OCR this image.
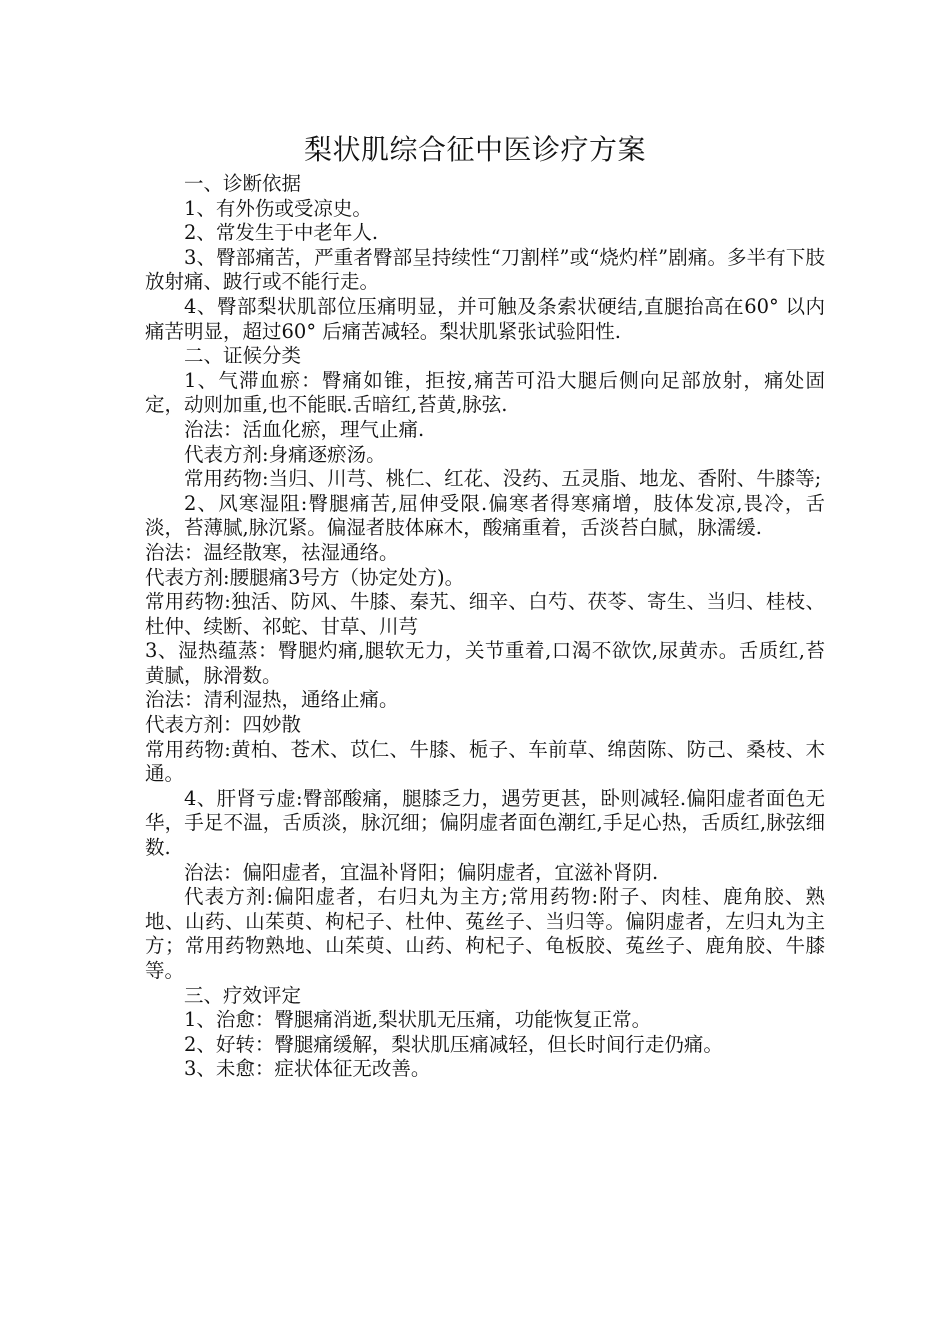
梨状肌综合征中医诊疗方案

一、诊断依据

1、有外伤或受凉史。

2、常发生于中老年人.

3、臀部痛苦，严重者臀部呈持续性“刀割样”或“烧灼样”剧痛。多半有下肢放射痛、跛行或不能行走。

4、臀部梨状肌部位压痛明显，并可触及条索状硬结,直腿抬高在60° 以内痛苦明显，超过60° 后痛苦减轻。梨状肌紧张试验阳性.

二、证候分类

1、气滞血瘀：臀痛如锥，拒按,痛苦可沿大腿后侧向足部放射，痛处固定，动则加重,也不能眠.舌暗红,苔黄,脉弦.

治法：活血化瘀，理气止痛.

代表方剂:身痛逐瘀汤。

常用药物:当归、川芎、桃仁、红花、没药、五灵脂、地龙、香附、牛膝等;

2、风寒湿阻:臀腿痛苦,屈伸受限.偏寒者得寒痛增，肢体发凉,畏冷，舌淡，苔薄腻,脉沉紧。偏湿者肢体麻木，酸痛重着，舌淡苔白腻，脉濡缓.

治法：温经散寒，祛湿通络。

代表方剂:腰腿痛3号方（协定处方)。

常用药物:独活、防风、牛膝、秦艽、细辛、白芍、茯苓、寄生、当归、桂枝、杜仲、续断、祁蛇、甘草、川芎

3、湿热蕴蒸：臀腿灼痛,腿软无力，关节重着,口渴不欲饮,尿黄赤。舌质红,苔黄腻，脉滑数。

治法：清利湿热，通络止痛。

代表方剂：四妙散

常用药物:黄柏、苍术、苡仁、牛膝、栀子、车前草、绵茵陈、防己、桑枝、木通。

4、肝肾亏虚:臀部酸痛，腿膝乏力，遇劳更甚，卧则减轻.偏阳虚者面色无华，手足不温，舌质淡，脉沉细；偏阴虚者面色潮红,手足心热，舌质红,脉弦细数.

治法：偏阳虚者，宜温补肾阳；偏阴虚者，宜滋补肾阴.

代表方剂:偏阳虚者，右归丸为主方;常用药物:附子、肉桂、鹿角胶、熟地、山药、山茱萸、枸杞子、杜仲、菟丝子、当归等。偏阴虚者，左归丸为主方；常用药物熟地、山茱萸、山药、枸杞子、龟板胶、菟丝子、鹿角胶、牛膝等。

三、疗效评定

1、治愈：臀腿痛消逝,梨状肌无压痛，功能恢复正常。

2、好转：臀腿痛缓解，梨状肌压痛减轻，但长时间行走仍痛。

3、未愈：症状体征无改善。
